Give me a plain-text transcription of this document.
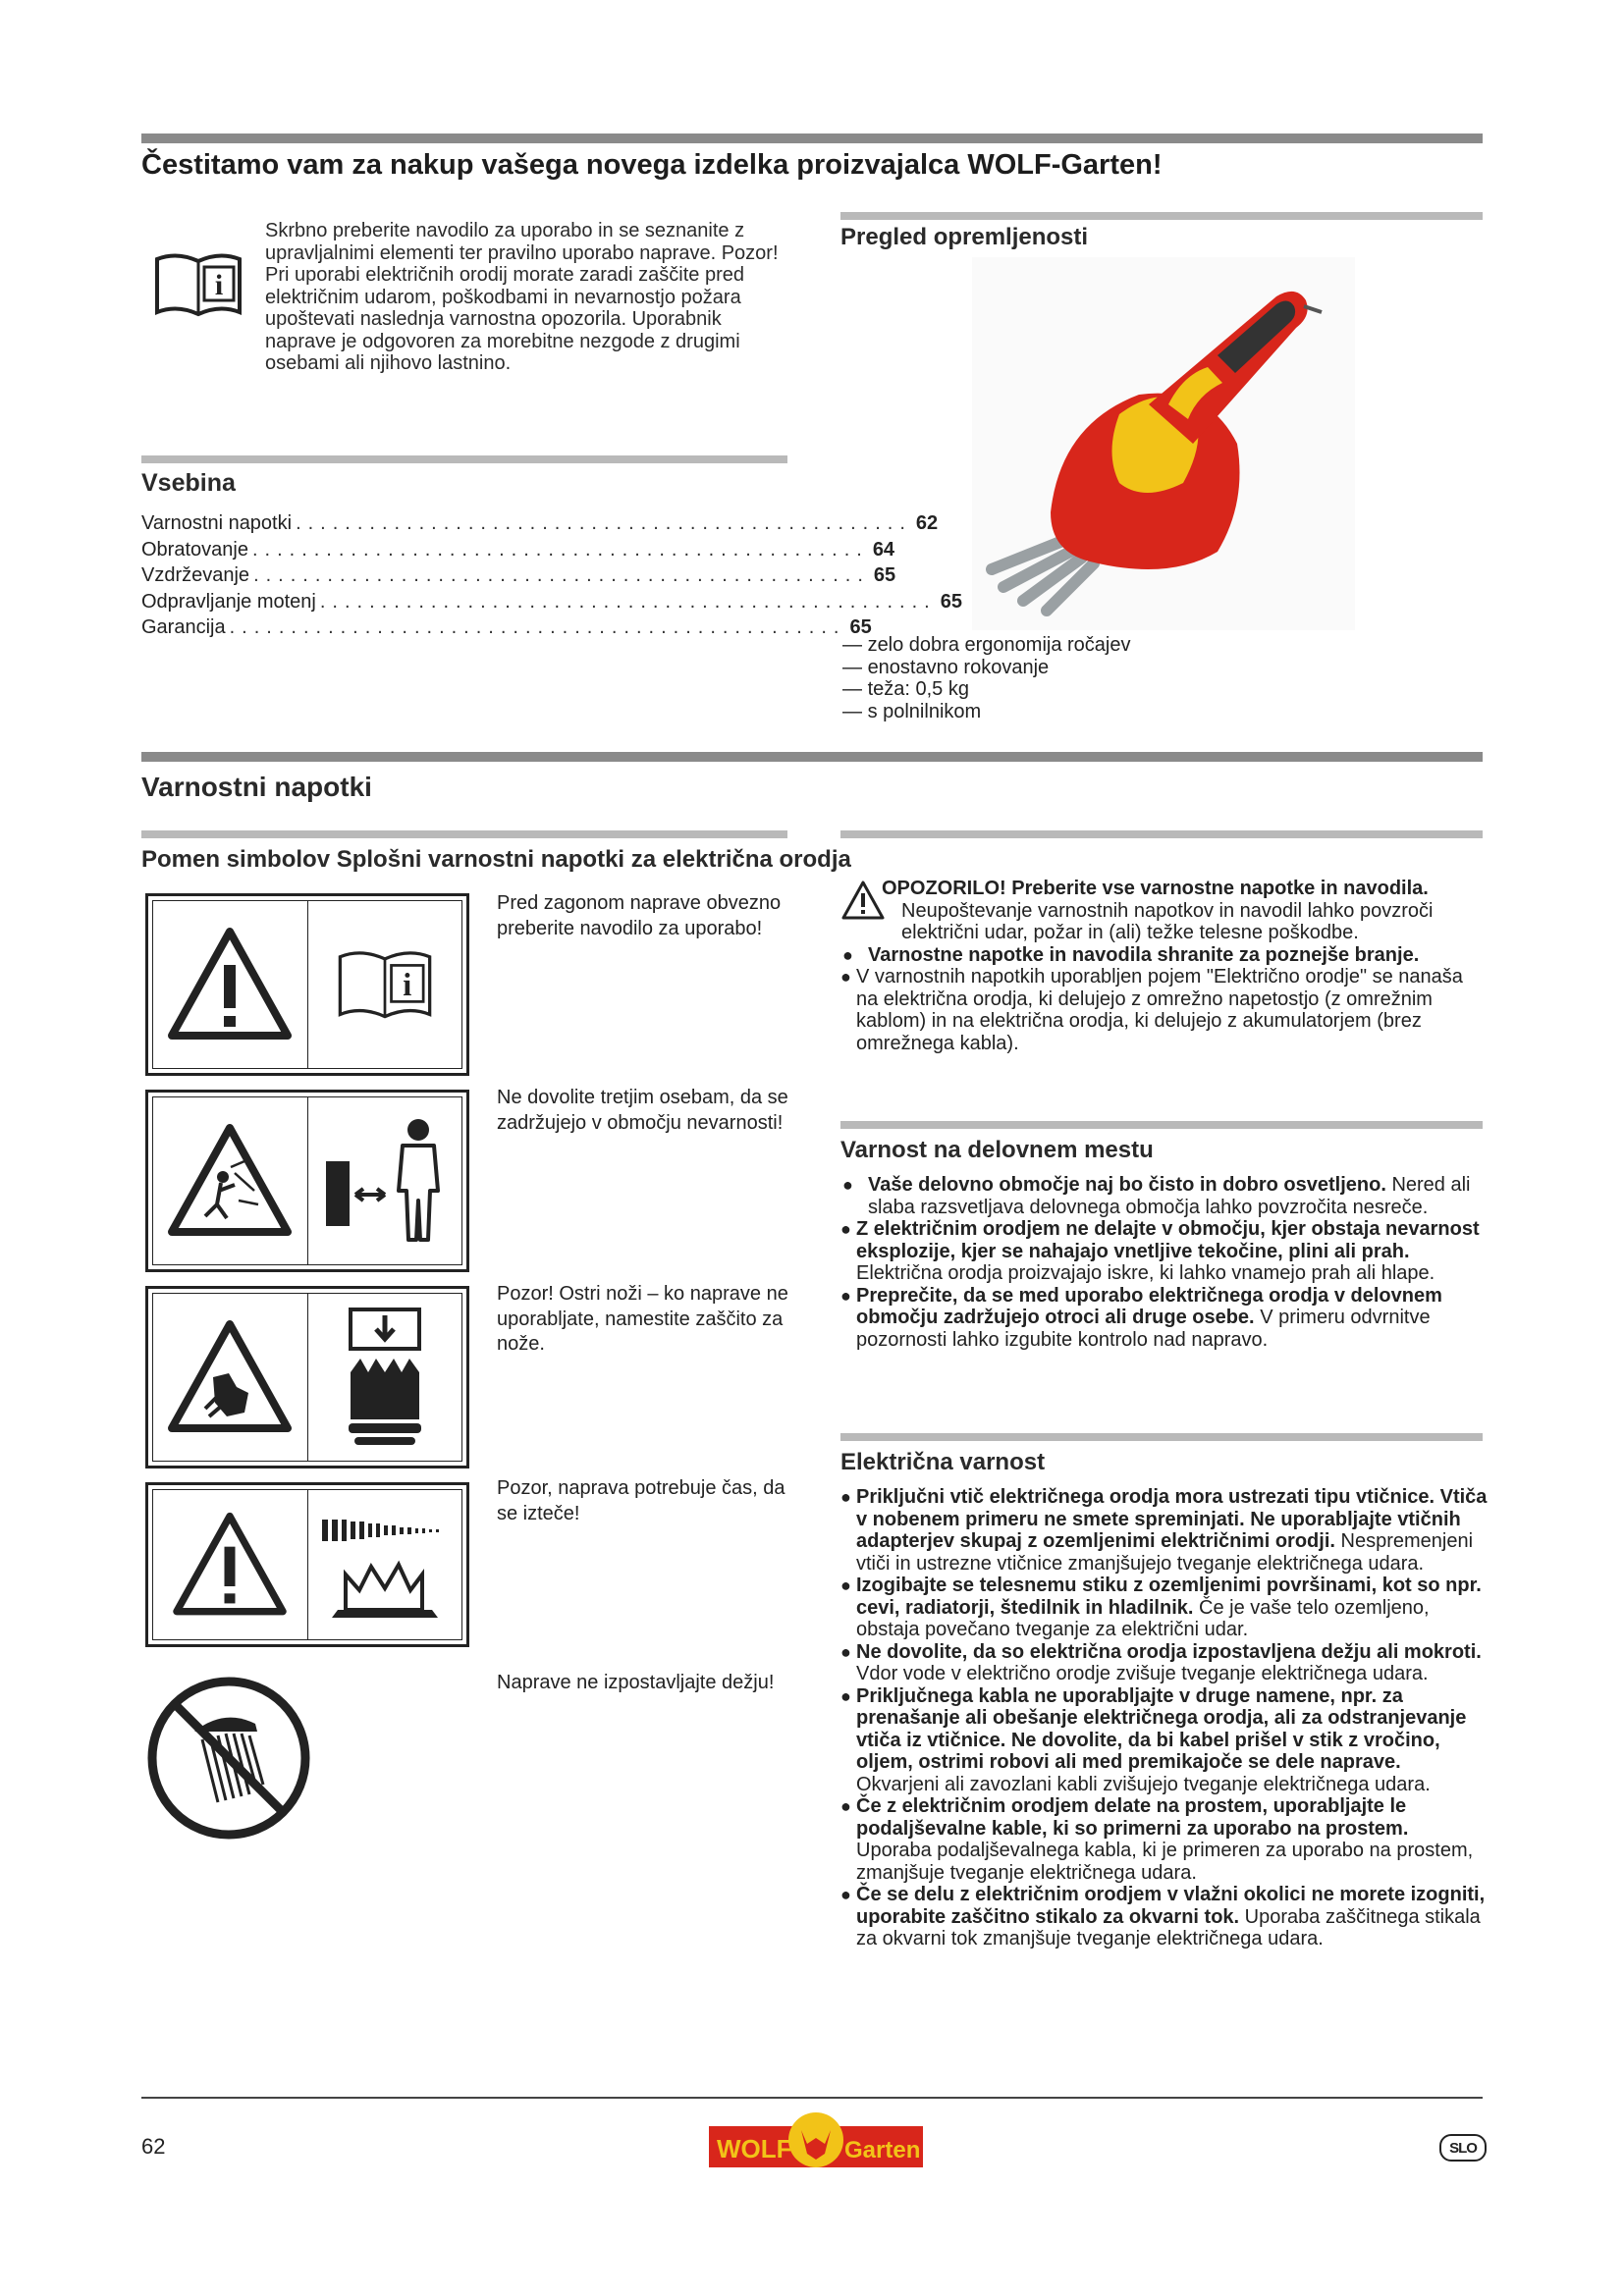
Čestitamo vam za nakup vašega novega izdelka proizvajalca WOLF-Garten!
i
Skrbno preberite navodilo za uporabo in se seznanite z upravljalnimi elementi ter pravilno uporabo naprave. Pozor! Pri uporabi električnih orodij morate zaradi zaščite pred električnim udarom, poškodbami in nevarnostjo požara upoštevati naslednja varnostna opozorila. Uporabnik naprave je odgovoren za morebitne nezgode z drugimi osebami ali njihovo lastnino.
Pregled opremljenosti
— zelo dobra ergonomija ročajev
— enostavno rokovanje
— teža: 0,5 kg
— s polnilnikom
Vsebina
Varnostni napotki .................................................. 62
Obratovanje .................................................. 64
Vzdrževanje .................................................. 65
Odpravljanje motenj .................................................. 65
Garancija .................................................. 65
Varnostni napotki
Pomen simbolov Splošni varnostni napotki za električna orodja
i
Pred zagonom naprave obvezno preberite navodilo za uporabo!
Ne dovolite tretjim osebam, da se zadržujejo v območju nevarnosti!
Pozor! Ostri noži – ko naprave ne uporabljate, namestite zaščito za nože.
Pozor, naprava potrebuje čas, da se izteče!
Naprave ne izpostavljajte dežju!

OPOZORILO! Preberite vse varnostne napotke in navodila.

Neupoštevanje varnostnih napotkov in navodil lahko povzroči električni udar, požar in (ali) težke telesne poškodbe.

● Varnostne napotke in navodila shranite za poznejše branje.
● V varnostnih napotkih uporabljen pojem "Električno orodje" se nanaša na električna orodja, ki delujejo z omrežno napetostjo (z omrežnim kablom) in na električna orodja, ki delujejo z akumulatorjem (brez omrežnega kabla).
Varnost na delovnem mestu
● Vaše delovno območje naj bo čisto in dobro osvetljeno. Nered ali slaba razsvetljava delovnega območja lahko povzročita nesreče.
● Z električnim orodjem ne delajte v območju, kjer obstaja nevarnost eksplozije, kjer se nahajajo vnetljive tekočine, plini ali prah. Električna orodja proizvajajo iskre, ki lahko vnamejo prah ali hlape.
● Preprečite, da se med uporabo električnega orodja v delovnem območju zadržujejo otroci ali druge osebe. V primeru odvrnitve pozornosti lahko izgubite kontrolo nad napravo.
Električna varnost
● Priključni vtič električnega orodja mora ustrezati tipu vtičnice. Vtiča v nobenem primeru ne smete spreminjati. Ne uporabljajte vtičnih adapterjev skupaj z ozemljenimi električnimi orodji. Nespremenjeni vtiči in ustrezne vtičnice zmanjšujejo tveganje električnega udara.
● Izogibajte se telesnemu stiku z ozemljenimi površinami, kot so npr. cevi, radiatorji, štedilnik in hladilnik. Če je vaše telo ozemljeno, obstaja povečano tveganje za električni udar.
● Ne dovolite, da so električna orodja izpostavljena dežju ali mokroti. Vdor vode v električno orodje zvišuje tveganje električnega udara.
● Priključnega kabla ne uporabljajte v druge namene, npr. za prenašanje ali obešanje električnega orodja, ali za odstranjevanje vtiča iz vtičnice. Ne dovolite, da bi kabel prišel v stik z vročino, oljem, ostrimi robovi ali med premikajoče se dele naprave. Okvarjeni ali zavozlani kabli zvišujejo tveganje električnega udara.
● Če z električnim orodjem delate na prostem, uporabljajte le podaljševalne kable, ki so primerni za uporabo na prostem. Uporaba podaljševalnega kabla, ki je primeren za uporabo na prostem, zmanjšuje tveganje električnega udara.
● Če se delu z električnim orodjem v vlažni okolici ne morete izogniti, uporabite zaščitno stikalo za okvarni tok. Uporaba zaščitnega stikala za okvarni tok zmanjšuje tveganje električnega udara.
62	WOLF Garten	SLO
